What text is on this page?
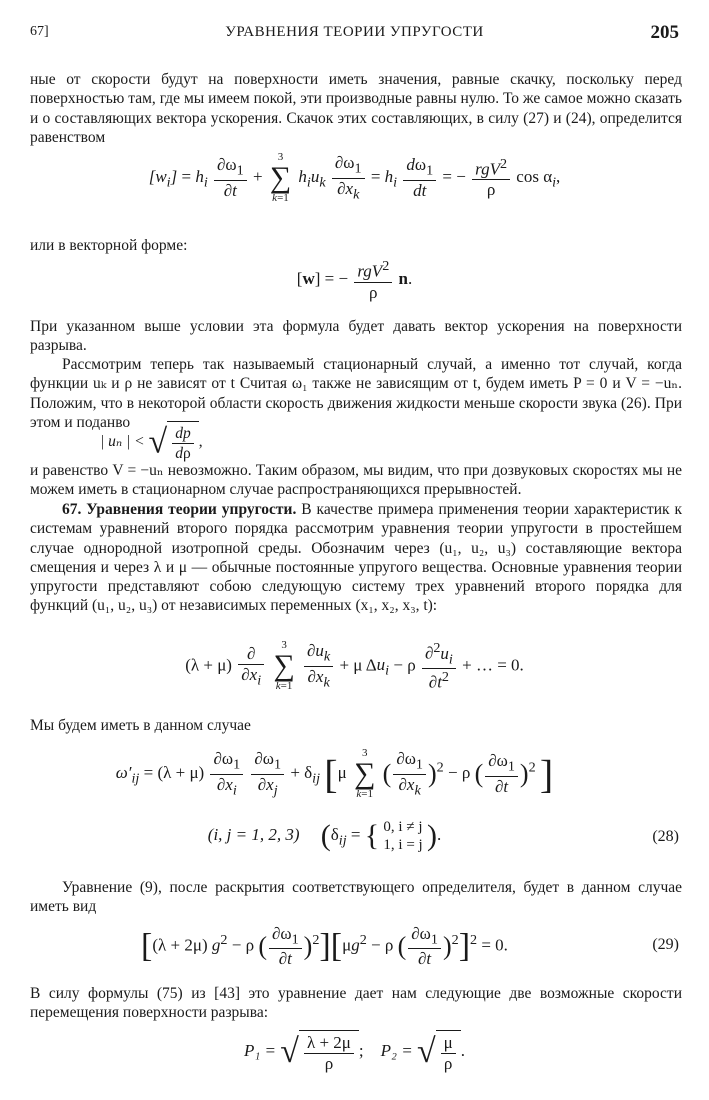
67]	УРАВНЕНИЯ ТЕОРИИ УПРУГОСТИ	205
ные от скорости будут на поверхности иметь значения, равные скачку, поскольку перед поверхностью там, где мы имеем покой, эти производные равны нулю. То же самое можно сказать и о составляющих вектора ускорения. Скачок этих составляющих, в силу (27) и (24), определится равенством
$[w_i] = h_i \frac{\partial\omega_1}{\partial t}$ +
3
∑
k=1
$h_iu_k \frac{\partial\omega_1}{\partial x_k} = h_i \frac{d\omega_1}{dt}$ = − $\frac{rgV^2}{\rho}$ $\cos \alpha_i$,
или в векторной форме:
[w] = − $\frac{rgV^2}{\rho} n$.
При указанном выше условии эта формула будет давать вектор ускорения на поверхности разрыва.
Рассмотрим теперь так называемый стационарный случай, а именно тот случай, когда функции uₖ и ρ не зависят от t Считая ω₁ также не зависящим от t, будем иметь P = 0 и V = −uₙ. Положим, что в некоторой области скорость движения жидкости меньше скорости звука (26). При этом и поданво
| uₙ | < √ $\frac{dp}{d\rho}$ ,
и равенство V = −uₙ невозможно. Таким образом, мы видим, что при дозвуковых скоростях мы не можем иметь в стационарном случае распространяющихся прерывностей.
67. Уравнения теории упругости. В качестве примера применения теории характеристик к системам уравнений второго порядка рассмотрим уравнения теории упругости в простейшем случае однородной изотропной среды. Обозначим через (u₁, u₂, u₃) составляющие вектора смещения и через λ и μ — обычные постоянные упругого вещества. Основные уравнения теории упругости представляют собою следующую систему трех уравнений второго порядка для функций (u₁, u₂, u₃) от независимых переменных (x₁, x₂, x₃, t):
$(\lambda + \mu) \frac{\partial}{\partial x_i}$
	3
∑
k=1
$\frac{\partial u_k}{\partial x_k} + \mu$ $\Delta u_i - \rho \frac{\partial^2u_i}{\partial t^2}$ + … = 0.
Мы будем иметь в данном случае
$\omega'_{ij} = (\lambda + \mu) \frac{\partial\omega_1}{\partial x_i}$
$\frac{\partial\omega_1}{\partial x_j} + \delta_{ij}$ [μ
3
∑
k=1
( $\frac{\partial\omega_1}{\partial x_k} )^2 - \rho$ ( $\frac{\partial\omega_1}{\partial t} )^2$ ]
(i, j = 1, 2, 3) ($\delta_{ij}$ = { 0, i ≠ j
1, i = j ).	(28)
Уравнение (9), после раскрытия соответствующего определителя, будет в данном случае иметь вид
[(λ + 2μ) $g^2 - \rho$ ( $\frac{\partial\omega_1}{\partial t} )^2][\mu g^2 - \rho$ ( $\frac{\partial\omega_1}{\partial t} )^2]^2 = 0$.	(29)
В силу формулы (75) из [43] это уравнение дает нам следующие две возможные скорости перемещения поверхности разрыва:
P₁ = √ $\frac{\lambda + 2\mu}{\rho}$ ;    P₂ = √ $\frac{\mu}{\rho}$ .
